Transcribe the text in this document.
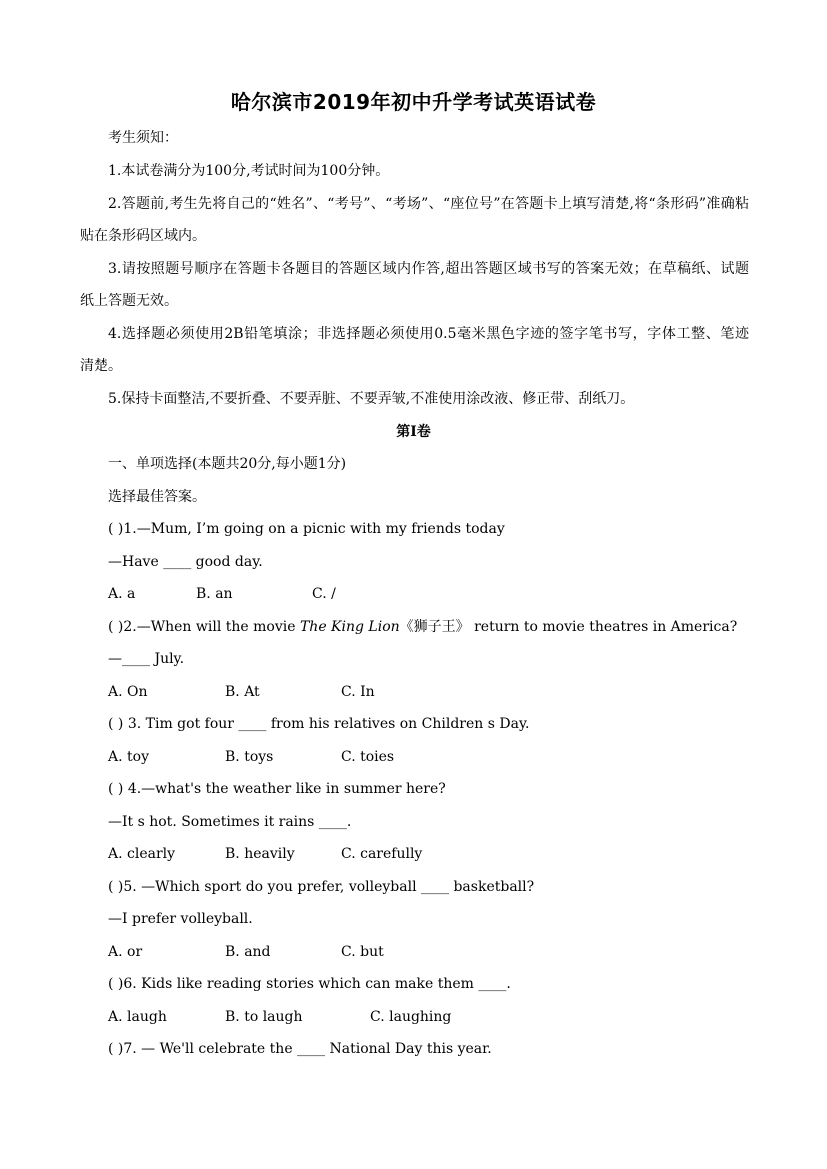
哈尔滨市2019年初中升学考试英语试卷
考生须知：
1.本试卷满分为100分,考试时间为100分钟。
2.答题前,考生先将自己的“姓名”、“考号”、“考场”、“座位号”在答题卡上填写清楚,将“条形码”准确粘
贴在条形码区域内。
3.请按照题号顺序在答题卡各题目的答题区域内作答,超出答题区域书写的答案无效；在草稿纸、试题
纸上答题无效。
4.选择题必须使用2B铅笔填涂；非选择题必须使用0.5毫米黑色字迹的签字笔书写，字体工整、笔迹
清楚。
5.保持卡面整洁,不要折叠、不要弄脏、不要弄皱,不准使用涂改液、修正带、刮纸刀。
第I卷
一、单项选择(本题共20分,每小题1分)
选择最佳答案。
( )1.—Mum, I’m going on a picnic with my friends today
—Have ____ good day.
A. a	B. an	C. /
( )2.—When will the movie The King Lion《狮子王》 return to movie theatres in America?
—____ July.
A. On	B. At	C. In
( ) 3. Tim got four ____ from his relatives on Children s Day.
A. toy	B. toys	C. toies
( ) 4.—what's the weather like in summer here?
—It s hot. Sometimes it rains ____.
A. clearly	B. heavily	C. carefully
( )5. —Which sport do you prefer, volleyball ____ basketball?
—I prefer volleyball.
A. or	B. and	C. but
( )6. Kids like reading stories which can make them ____.
A. laugh	B. to laugh	C. laughing
( )7. — We'll celebrate the ____ National Day this year.
